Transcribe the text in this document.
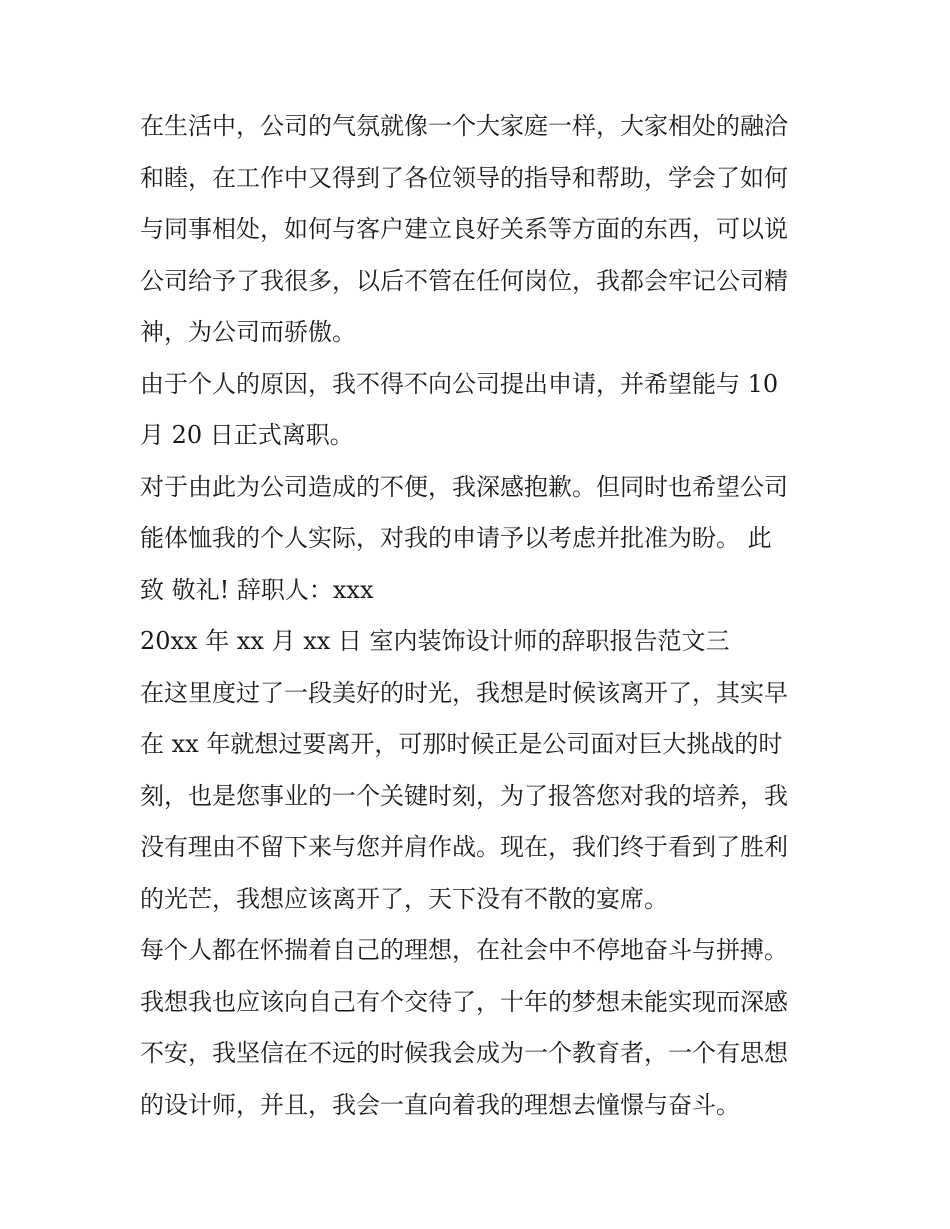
在生活中，公司的气氛就像一个大家庭一样，大家相处的融洽
和睦，在工作中又得到了各位领导的指导和帮助，学会了如何
与同事相处，如何与客户建立良好关系等方面的东西，可以说
公司给予了我很多，以后不管在任何岗位，我都会牢记公司精
神，为公司而骄傲。
由于个人的原因，我不得不向公司提出申请，并希望能与 10
月 20 日正式离职。
对于由此为公司造成的不便，我深感抱歉。但同时也希望公司
能体恤我的个人实际，对我的申请予以考虑并批准为盼。 此
致 敬礼! 辞职人：xxx
20xx 年 xx 月 xx 日 室内装饰设计师的辞职报告范文三
在这里度过了一段美好的时光，我想是时候该离开了，其实早
在 xx 年就想过要离开，可那时候正是公司面对巨大挑战的时
刻，也是您事业的一个关键时刻，为了报答您对我的培养，我
没有理由不留下来与您并肩作战。现在，我们终于看到了胜利
的光芒，我想应该离开了，天下没有不散的宴席。
每个人都在怀揣着自己的理想，在社会中不停地奋斗与拼搏。
我想我也应该向自己有个交待了，十年的梦想未能实现而深感
不安，我坚信在不远的时候我会成为一个教育者，一个有思想
的设计师，并且，我会一直向着我的理想去憧憬与奋斗。
